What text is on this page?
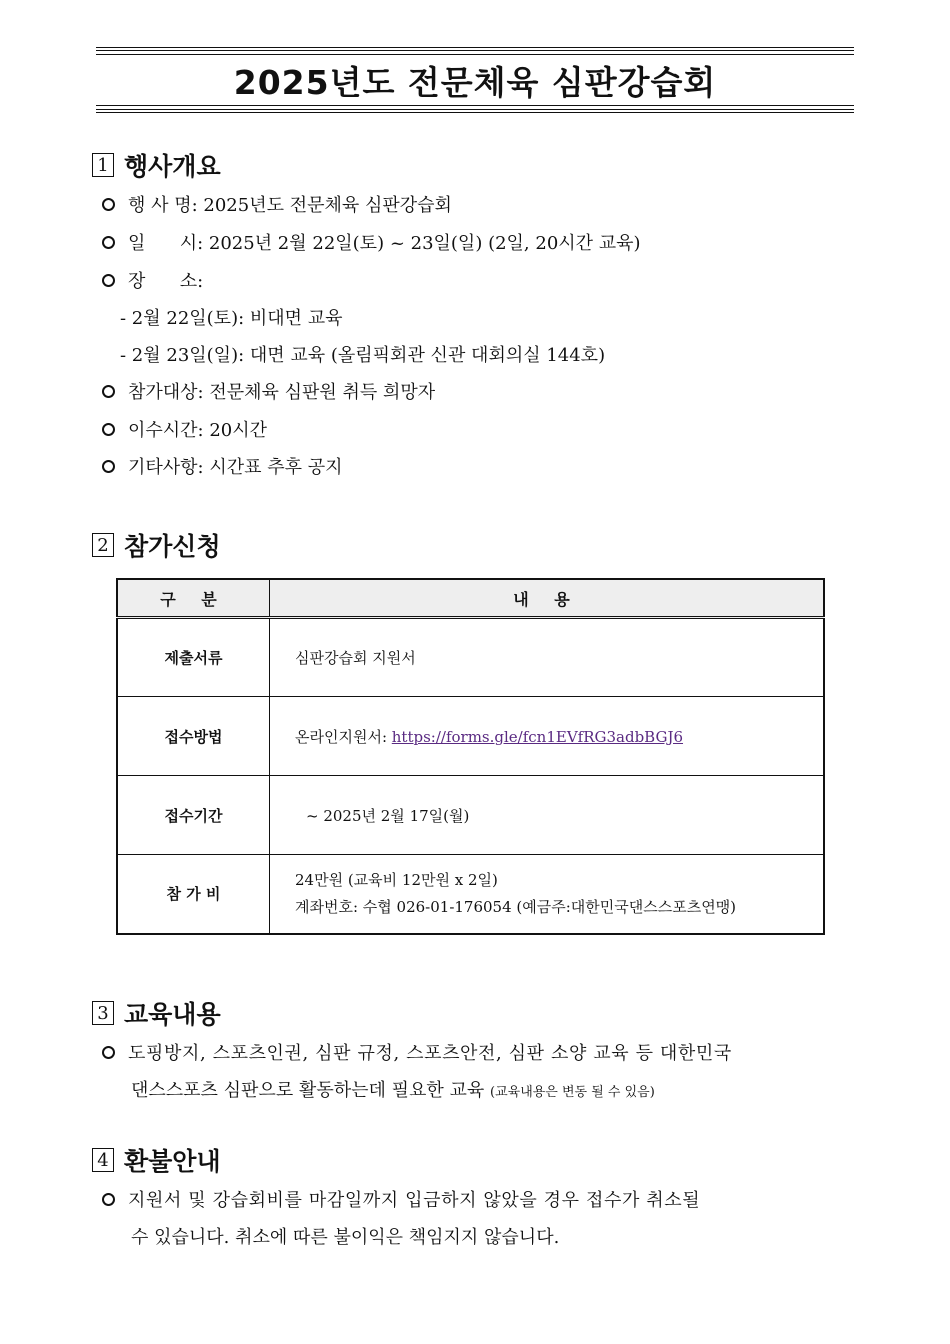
2025년도 전문체육 심판강습회
1 행사개요
행 사 명: 2025년도 전문체육 심판강습회
일      시: 2025년 2월 22일(토) ~ 23일(일) (2일, 20시간 교육)
장      소:
- 2월 22일(토): 비대면 교육
- 2월 23일(일): 대면 교육 (올림픽회관 신관 대회의실 144호)
참가대상: 전문체육 심판원 취득 희망자
이수시간: 20시간
기타사항: 시간표 추후 공지
2 참가신청
구 분	내 용
제출서류	심판강습회 지원서
접수방법	온라인지원서: https://forms.gle/fcn1EVfRG3adbBGJ6
접수기간	~ 2025년 2월 17일(월)
참 가 비	24만원 (교육비 12만원 x 2일)
계좌번호: 수협 026-01-176054 (예금주:대한민국댄스스포츠연맹)
3 교육내용
도핑방지, 스포츠인권, 심판 규정, 스포츠안전, 심판 소양 교육 등 대한민국
댄스스포츠 심판으로 활동하는데 필요한 교육 (교육내용은 변동 될 수 있음)
4 환불안내
지원서 및 강습회비를 마감일까지 입금하지 않았을 경우 접수가 취소될
수 있습니다. 취소에 따른 불이익은 책임지지 않습니다.
